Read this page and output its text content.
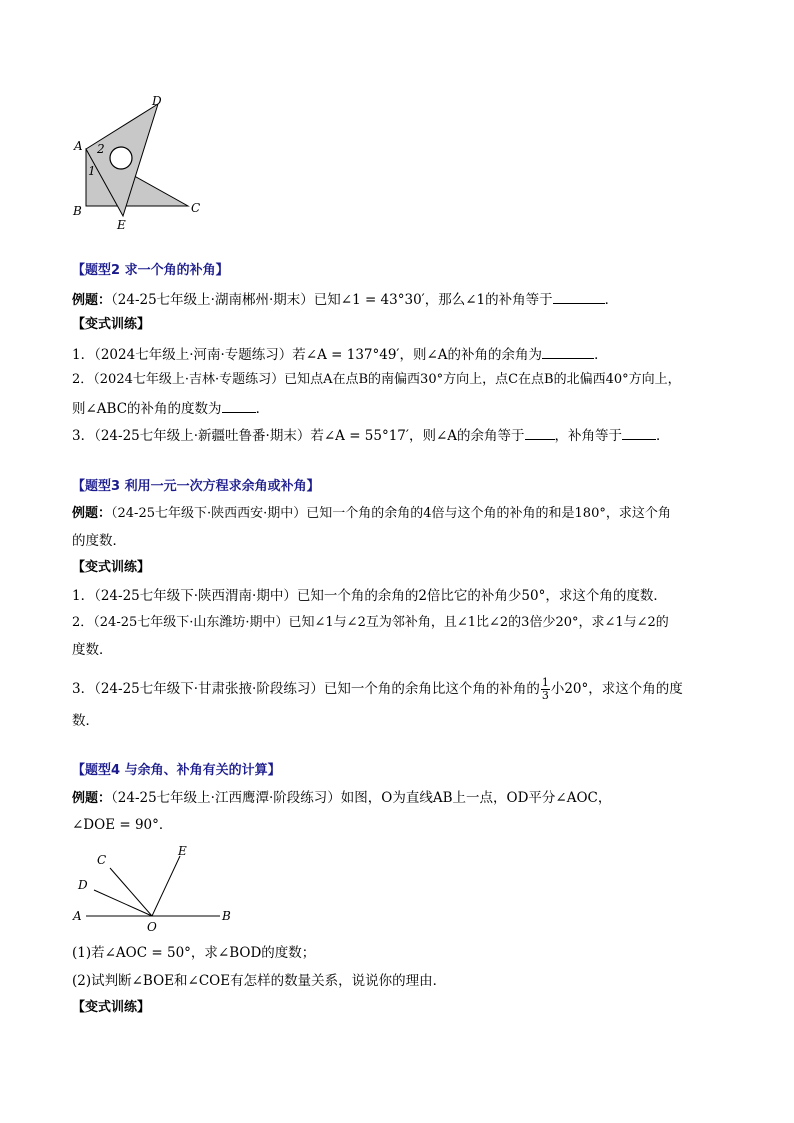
D
A 2
1
B	C
E
【题型2 求一个角的补角】
例题：（24-25七年级上·湖南郴州·期末）已知∠1 = 43°30′，那么∠1的补角等于	．
【变式训练】
1．（2024七年级上·河南·专题练习）若∠A = 137°49′，则∠A的补角的余角为	．
2．（2024七年级上·吉林·专题练习）已知点A在点B的南偏西30°方向上，点C在点B的北偏西40°方向上，
则∠ABC的补角的度数为	．
3．（24-25七年级上·新疆吐鲁番·期末）若∠A = 55°17′，则∠A的余角等于 ，补角等于	．
【题型3 利用一元一次方程求余角或补角】
例题：（24-25七年级下·陕西西安·期中）已知一个角的余角的4倍与这个角的补角的和是180°，求这个角
的度数．
【变式训练】
1．（24-25七年级下·陕西渭南·期中）已知一个角的余角的2倍比它的补角少50°，求这个角的度数．
2．（24-25七年级下·山东潍坊·期中）已知∠1与∠2互为邻补角，且∠1比∠2的3倍少20°，求∠1与∠2的
度数．
3．（24-25七年级下·甘肃张掖·阶段练习）已知一个角的余角比这个角的补角的 $\frac{1}{3}$ 小20°，求这个角的度
数．
【题型4 与余角、补角有关的计算】
例题：（24-25七年级上·江西鹰潭·阶段练习）如图，O为直线AB上一点，OD平分∠AOC，
∠DOE = 90°．
C
E
D
A
O
B
(1)若∠AOC = 50°，求∠BOD的度数；
(2)试判断∠BOE和∠COE有怎样的数量关系，说说你的理由．
【变式训练】
